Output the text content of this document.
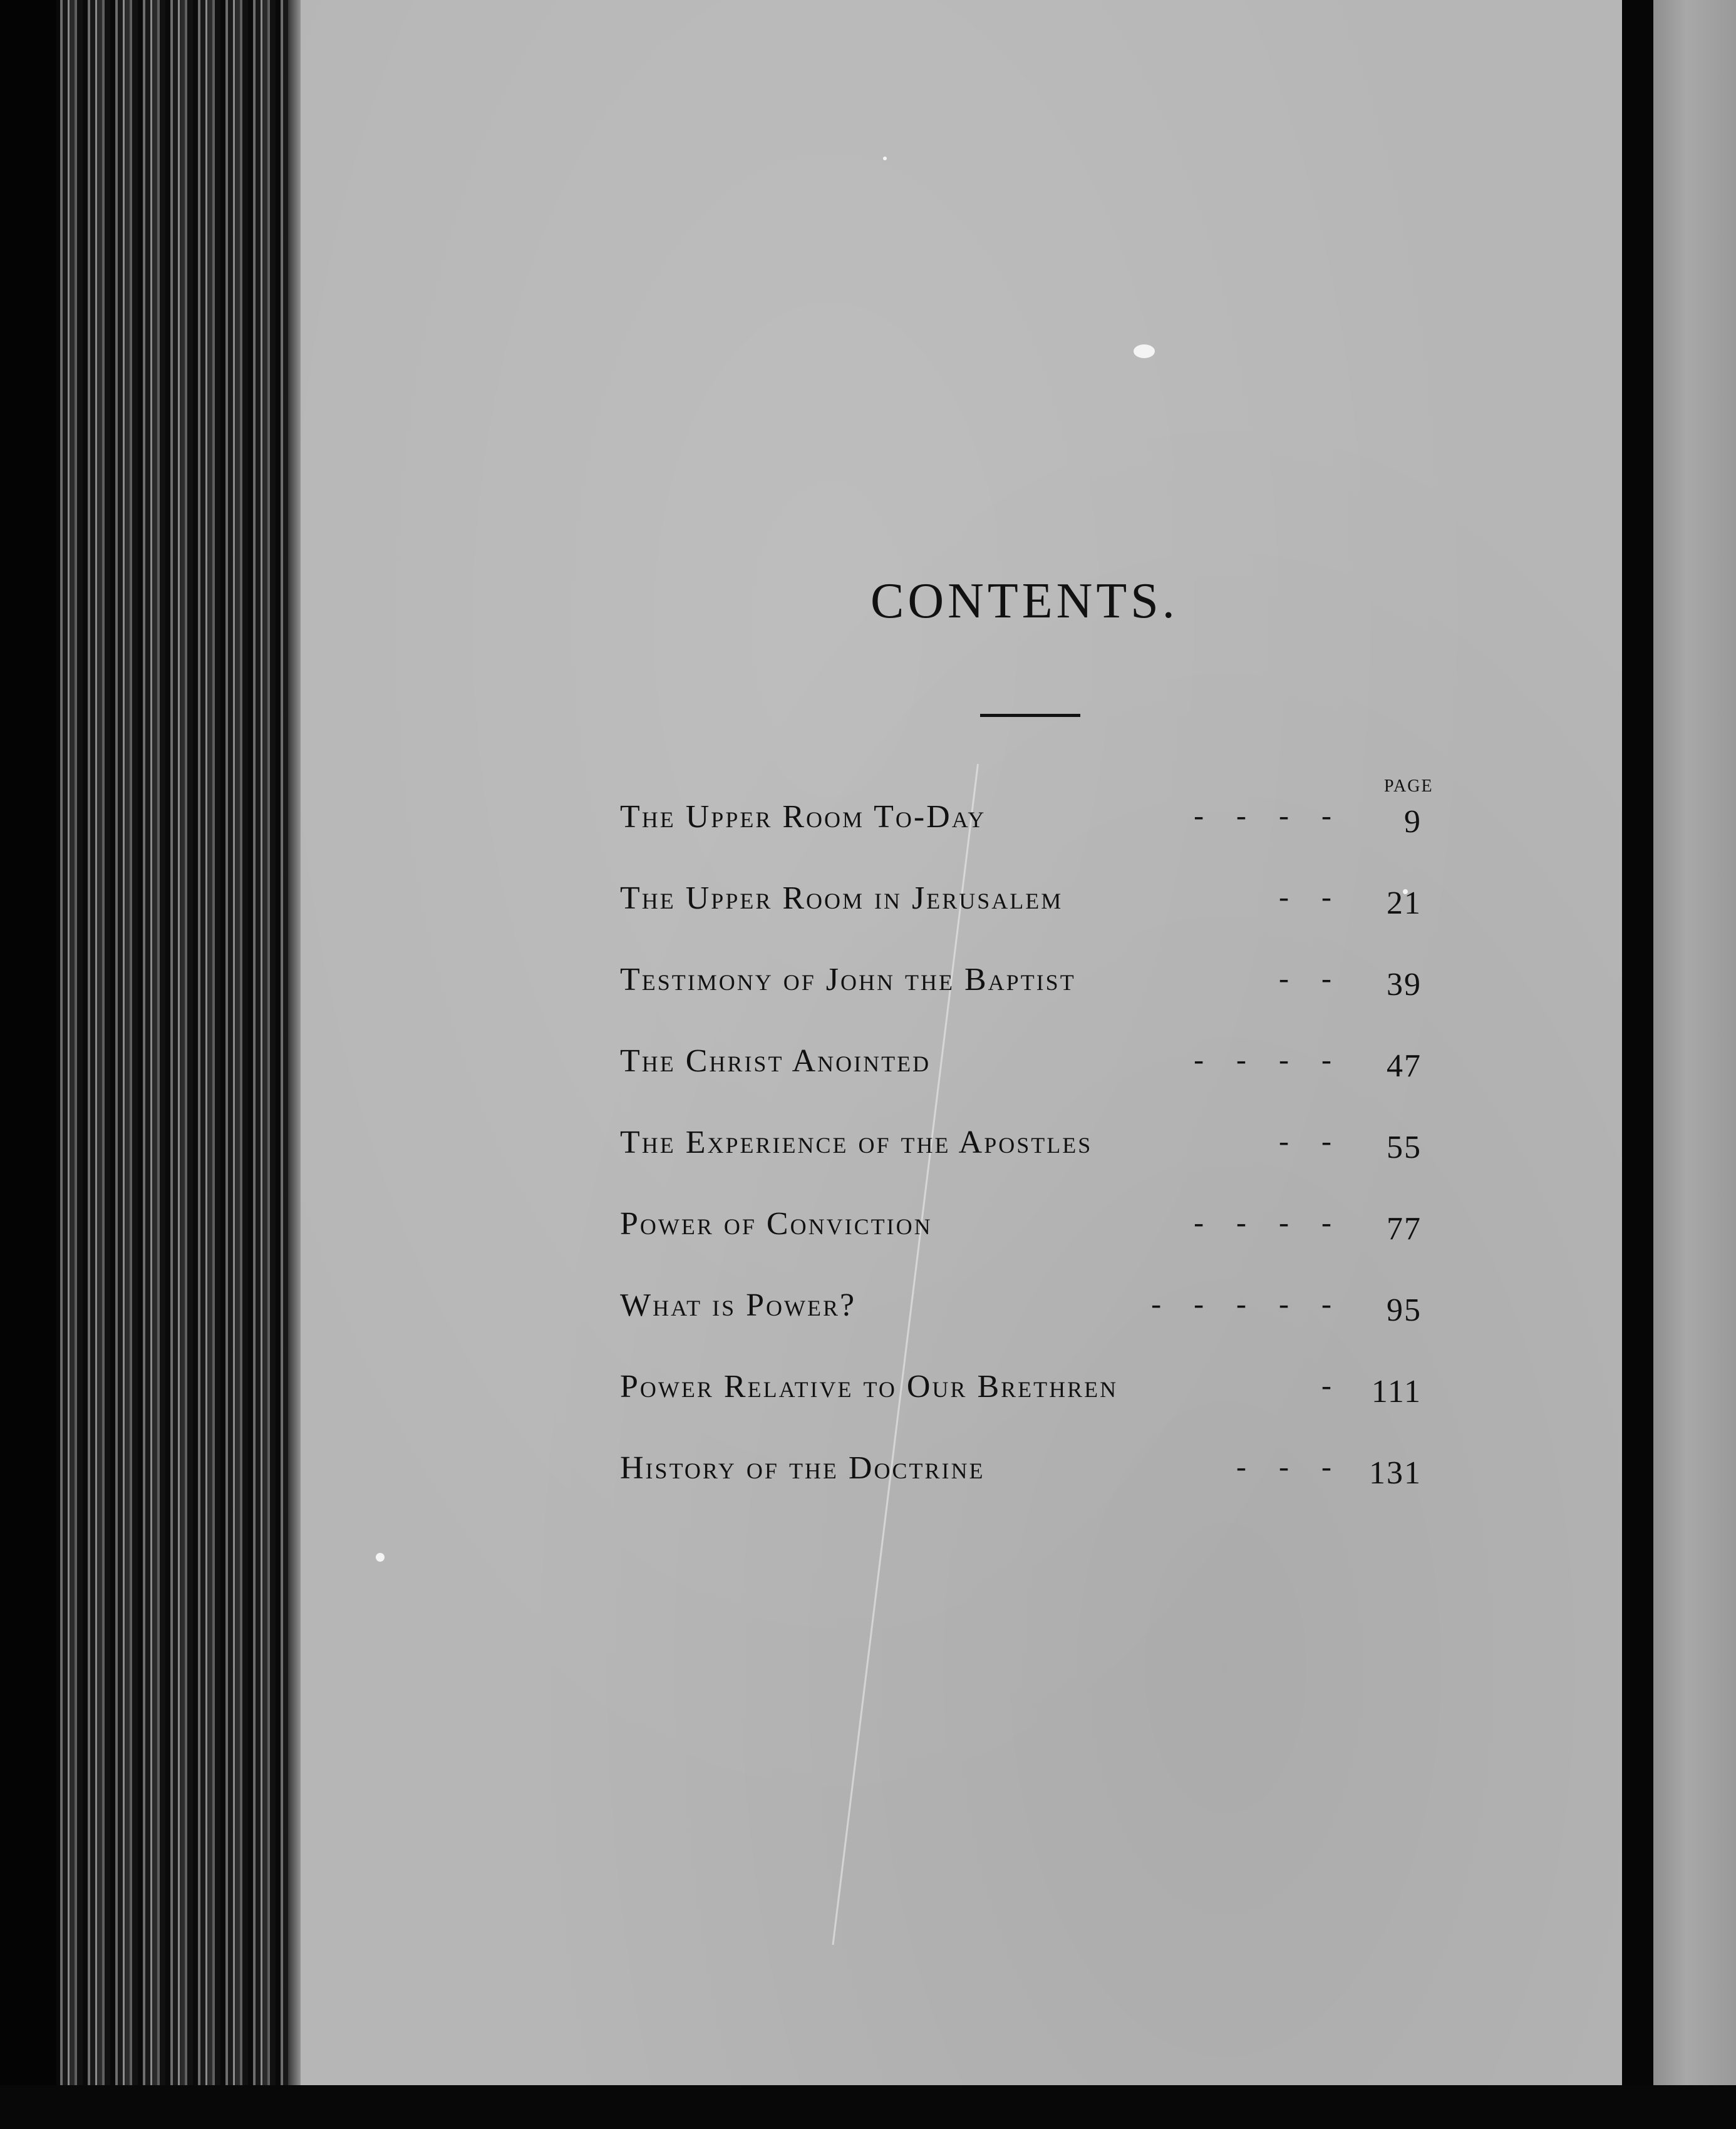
CONTENTS.
PAGE
The Upper Room To-Day	-   -   -   -	9
The Upper Room in Jerusalem	-   -	21
Testimony of John the Baptist	-   -	39
The Christ Anointed	-   -   -   -	47
The Experience of the Apostles	-   -	55
Power of Conviction	-   -   -   -	77
What is Power?	-   -   -   -   -	95
Power Relative to Our Brethren	-	111
History of the Doctrine	-   -   -	131
